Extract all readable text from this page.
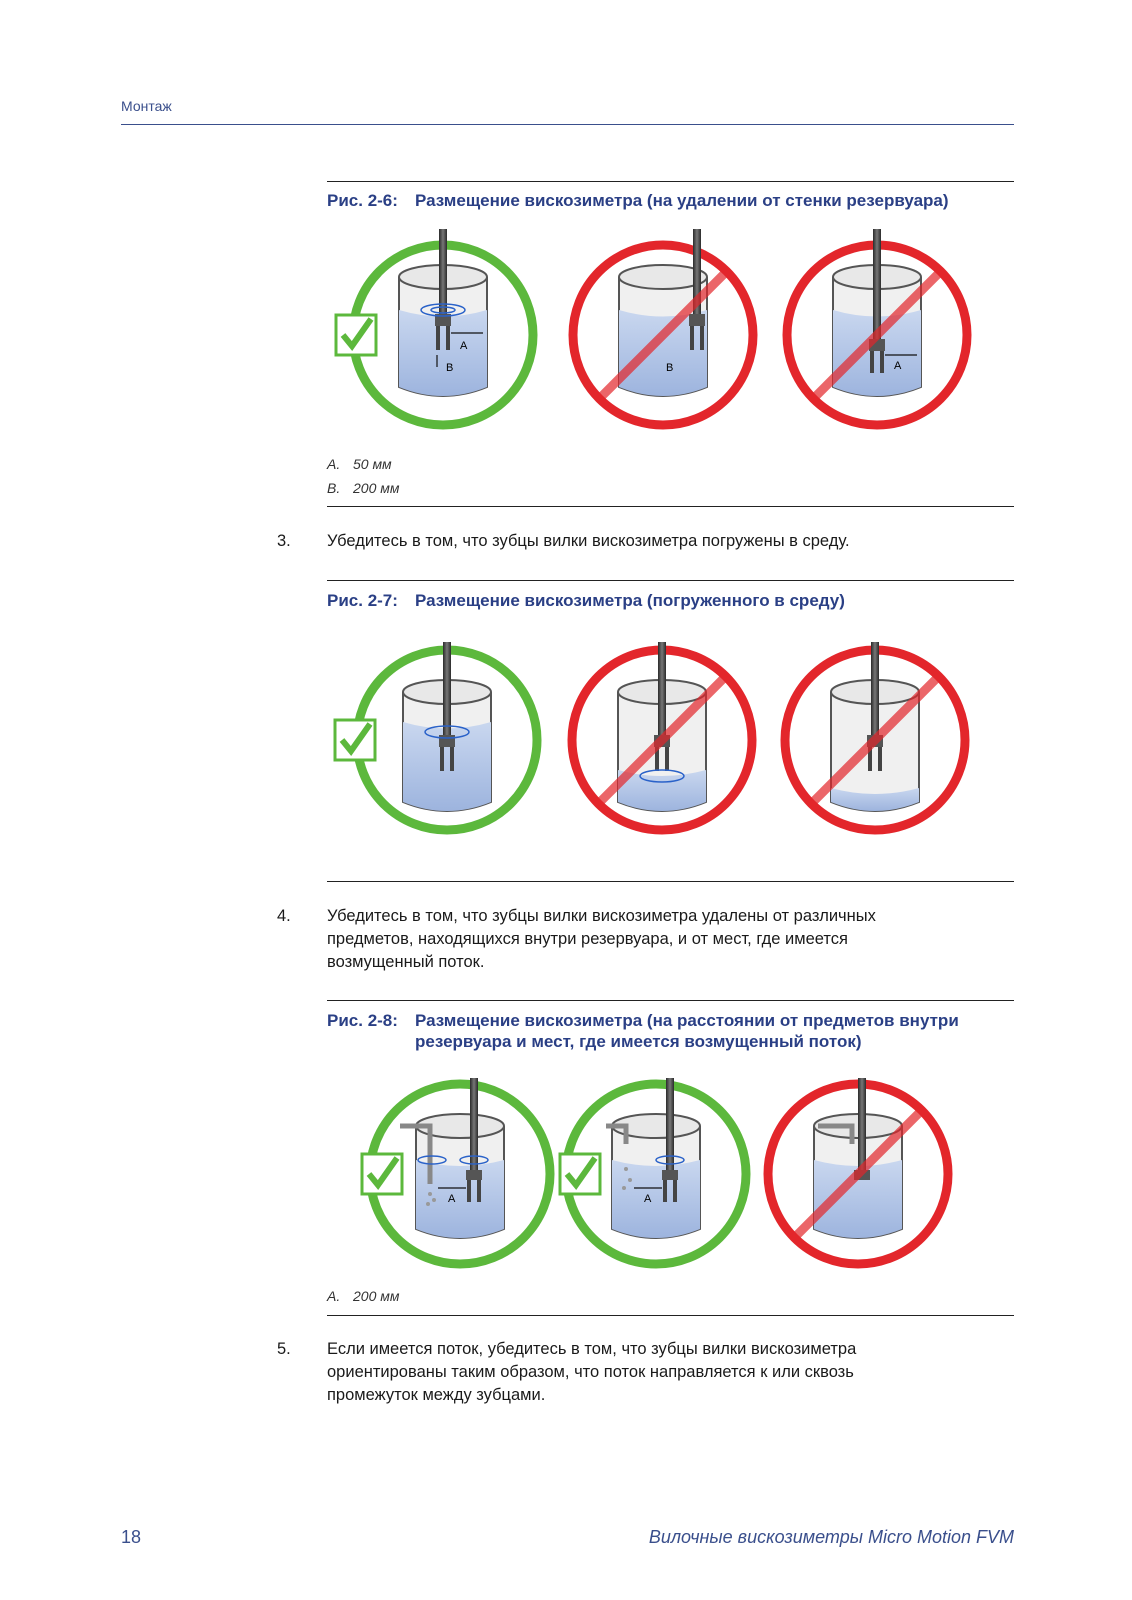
Монтаж
Рис. 2-6:	Размещение вискозиметра (на удалении от стенки резервуара)
A
B	B	A
A. 50 мм
B. 200 мм
3. Убедитесь в том, что зубцы вилки вискозиметра погружены в среду.
Рис. 2-7:	Размещение вискозиметра (погруженного в среду)
4. Убедитесь в том, что зубцы вилки вискозиметра удалены от различных
предметов, находящихся внутри резервуара, и от мест, где имеется
возмущенный поток.
Рис. 2-8:	Размещение вискозиметра (на расстоянии от предметов внутри
резервуара и мест, где имеется возмущенный поток)
A	A
A. 200 мм
5. Если имеется поток, убедитесь в том, что зубцы вилки вискозиметра
ориентированы таким образом, что поток направляется к или сквозь
промежуток между зубцами.
18	Вилочные вискозиметры Micro Motion FVM
